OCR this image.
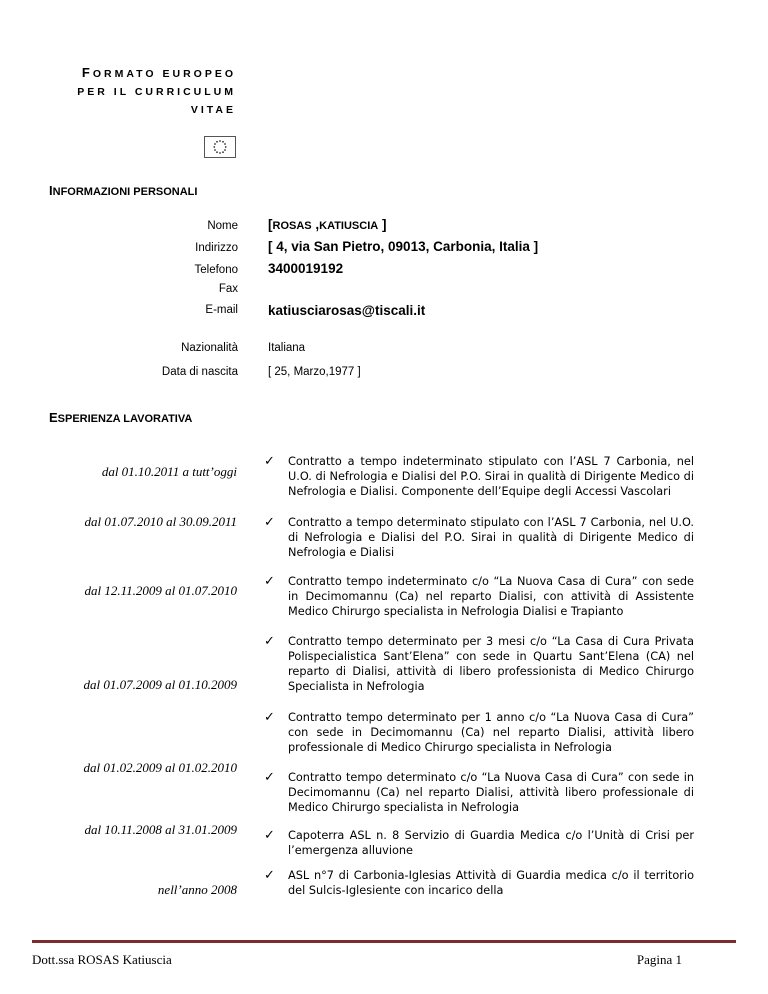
FORMATO EUROPEO
PER IL CURRICULUM
VITAE
INFORMAZIONI PERSONALI
Nome [ROSAS ,KATIUSCIA ]
Indirizzo [ 4, via San Pietro, 09013, Carbonia, Italia ]
Telefono 3400019192
Fax
E-mail katiusciarosas@tiscali.it
Nazionalità	Italiana
Data di nascita	[ 25, Marzo,1977 ]
ESPERIENZA LAVORATIVA
dal 01.10.2011 a tutt’oggi
✓ Contratto a tempo indeterminato stipulato con l’ASL 7 Carbonia, nel U.O. di Nefrologia e Dialisi del P.O. Sirai in qualità di Dirigente Medico di Nefrologia e Dialisi. Componente dell’Equipe degli Accessi Vascolari
dal 01.07.2010 al 30.09.2011 ✓ Contratto a tempo determinato stipulato con l’ASL 7 Carbonia, nel U.O. di Nefrologia e Dialisi del P.O. Sirai in qualità di Dirigente Medico di Nefrologia e Dialisi
dal 12.11.2009 al 01.07.2010
✓ Contratto tempo indeterminato c/o “La Nuova Casa di Cura” con sede in Decimomannu (Ca) nel reparto Dialisi, con attività di Assistente Medico Chirurgo specialista in Nefrologia Dialisi e Trapianto
dal 01.07.2009 al 01.10.2009
✓ Contratto tempo determinato per 3 mesi c/o “La Casa di Cura Privata Polispecialistica Sant’Elena” con sede in Quartu Sant’Elena (CA) nel reparto di Dialisi, attività di libero professionista di Medico Chirurgo Specialista in Nefrologia
dal 01.02.2009 al 01.02.2010
✓ Contratto tempo determinato per 1 anno c/o “La Nuova Casa di Cura” con sede in Decimomannu (Ca) nel reparto Dialisi, attività libero professionale di Medico Chirurgo specialista in Nefrologia
✓ Contratto tempo determinato c/o “La Nuova Casa di Cura” con sede in Decimomannu (Ca) nel reparto Dialisi, attività libero professionale di Medico Chirurgo specialista in Nefrologia
dal 10.11.2008 al 31.01.2009 ✓ Capoterra ASL n. 8 Servizio di Guardia Medica c/o l’Unità di Crisi per l’emergenza alluvione
nell’anno 2008
✓ ASL n°7 di Carbonia-Iglesias Attività di Guardia medica c/o il territorio del Sulcis-Iglesiente con incarico della
Dott.ssa ROSAS Katiuscia	Pagina 1
